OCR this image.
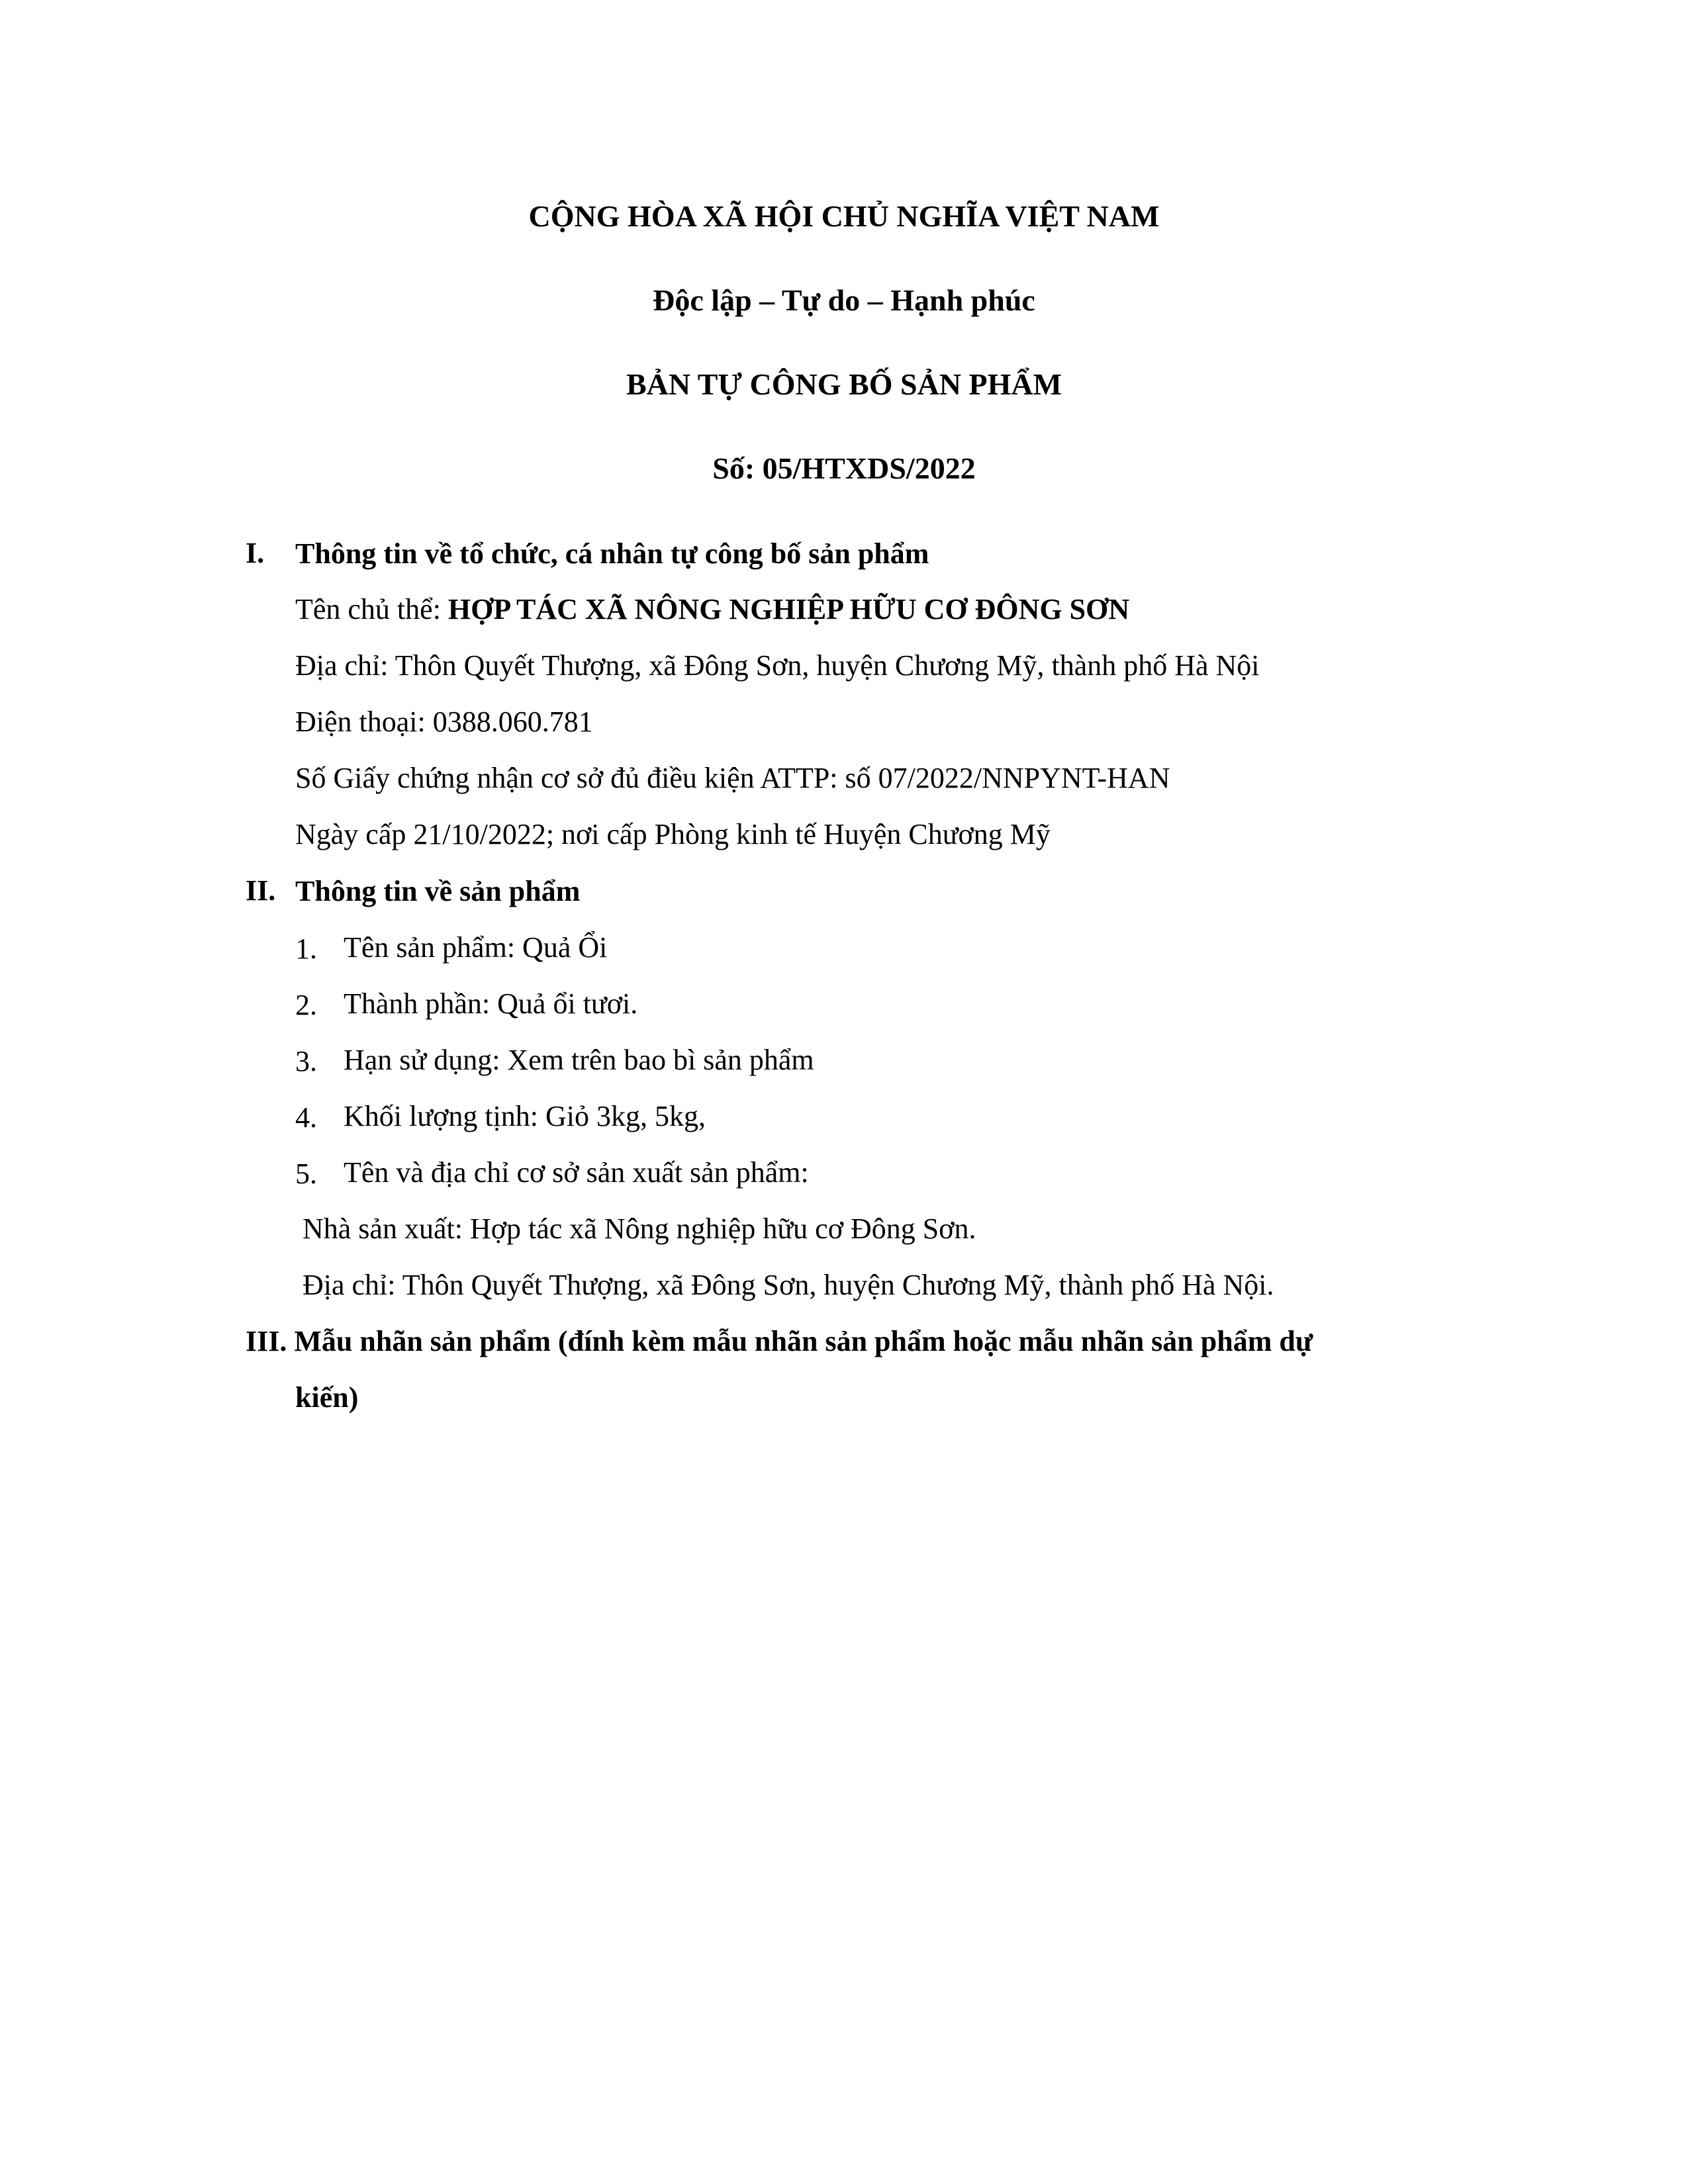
CỘNG HÒA XÃ HỘI CHỦ NGHĨA VIỆT NAM
Độc lập – Tự do – Hạnh phúc
BẢN TỰ CÔNG BỐ SẢN PHẨM
Số: 05/HTXDS/2022
I. Thông tin về tổ chức, cá nhân tự công bố sản phẩm
Tên chủ thể: HỢP TÁC XÃ NÔNG NGHIỆP HỮU CƠ ĐÔNG SƠN
Địa chỉ: Thôn Quyết Thượng, xã Đông Sơn, huyện Chương Mỹ, thành phố Hà Nội
Điện thoại: 0388.060.781
Số Giấy chứng nhận cơ sở đủ điều kiện ATTP: số 07/2022/NNPYNT-HAN
Ngày cấp 21/10/2022; nơi cấp Phòng kinh tế Huyện Chương Mỹ
II. Thông tin về sản phẩm
1. Tên sản phẩm: Quả Ổi
2. Thành phần: Quả ổi tươi.
3. Hạn sử dụng: Xem trên bao bì sản phẩm
4. Khối lượng tịnh: Giỏ 3kg, 5kg,
5. Tên và địa chỉ cơ sở sản xuất sản phẩm:
Nhà sản xuất: Hợp tác xã Nông nghiệp hữu cơ Đông Sơn.
Địa chỉ: Thôn Quyết Thượng, xã Đông Sơn, huyện Chương Mỹ, thành phố Hà Nội.
III. Mẫu nhãn sản phẩm (đính kèm mẫu nhãn sản phẩm hoặc mẫu nhãn sản phẩm dự
kiến)
